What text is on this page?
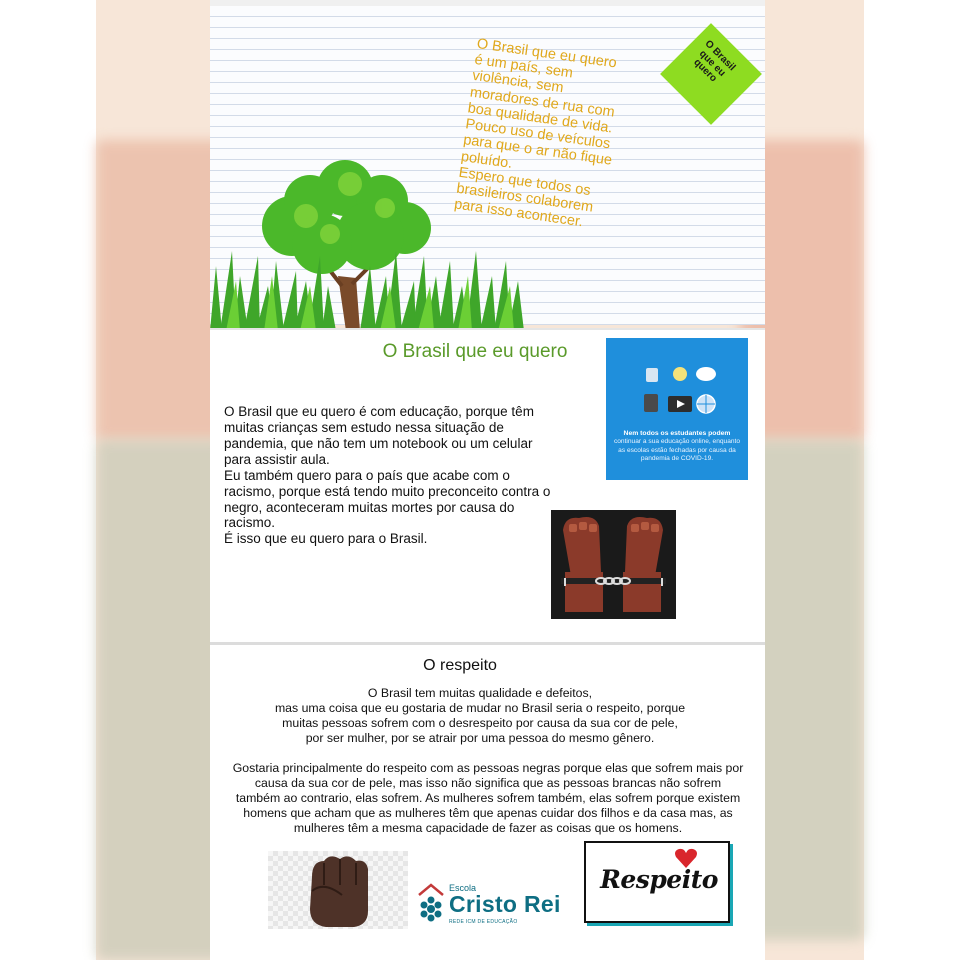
O Brasil que eu quero
é um país, sem
violência, sem
moradores de rua com
boa qualidade de vida.
Pouco uso de veículos
para que o ar não fique
poluído.
Espero que todos os
brasileiros colaborem
para isso acontecer.

O Brasil
que eu
quero
O Brasil que eu quero

O Brasil que eu quero é com educação, porque têm muitas crianças sem estudo nessa situação de pandemia, que não tem um notebook ou um celular para assistir aula.

Eu também quero para o país que acabe com o racismo, porque está tendo muito preconceito contra o negro, aconteceram muitas mortes por causa do racismo.

É isso que eu quero para o Brasil.

Nem todos os estudantes podem
continuar a sua educação online, enquanto as escolas estão fechadas por causa da pandemia de COVID-19.
O respeito
O Brasil tem muitas qualidade e defeitos,
mas uma coisa que eu gostaria de mudar no Brasil seria o respeito, porque
muitas pessoas sofrem com o desrespeito por causa da sua cor de pele,
por ser mulher, por se atrair por uma pessoa do mesmo gênero.
Gostaria principalmente do respeito com as pessoas negras porque elas que sofrem mais por
causa da sua cor de pele, mas isso não significa que as pessoas brancas não sofrem
também ao contrario, elas sofrem. As mulheres sofrem também, elas sofrem porque existem
homens que acham que as mulheres têm que apenas cuidar dos filhos e da casa mas, as
mulheres têm a mesma capacidade de fazer as coisas que os homens.
Escola
Cristo Rei
REDE ICM DE EDUCAÇÃO
Respeito
